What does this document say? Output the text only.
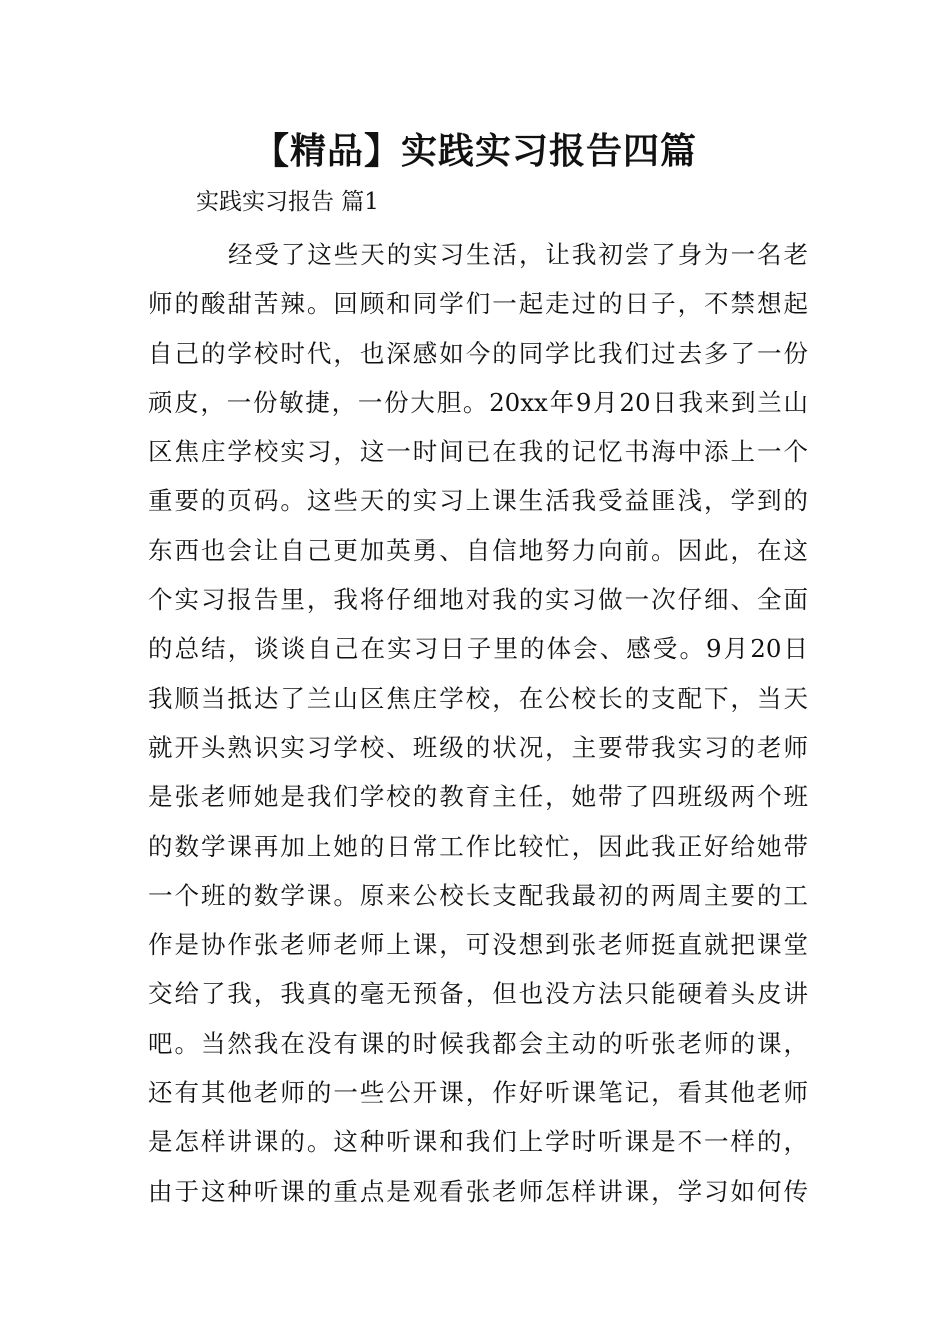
【精品】实践实习报告四篇

实践实习报告 篇1

经受了这些天的实习生活，让我初尝了身为一名老
师的酸甜苦辣。回顾和同学们一起走过的日子，不禁想起
自己的学校时代，也深感如今的同学比我们过去多了一份
顽皮，一份敏捷，一份大胆。20xx年9月20日我来到兰山
区焦庄学校实习，这一时间已在我的记忆书海中添上一个
重要的页码。这些天的实习上课生活我受益匪浅，学到的
东西也会让自己更加英勇、自信地努力向前。因此，在这
个实习报告里，我将仔细地对我的实习做一次仔细、全面
的总结，谈谈自己在实习日子里的体会、感受。9月20日
我顺当抵达了兰山区焦庄学校，在公校长的支配下，当天
就开头熟识实习学校、班级的状况，主要带我实习的老师
是张老师她是我们学校的教育主任，她带了四班级两个班
的数学课再加上她的日常工作比较忙，因此我正好给她带
一个班的数学课。原来公校长支配我最初的两周主要的工
作是协作张老师老师上课，可没想到张老师挺直就把课堂
交给了我，我真的毫无预备，但也没方法只能硬着头皮讲
吧。当然我在没有课的时候我都会主动的听张老师的课，
还有其他老师的一些公开课，作好听课笔记，看其他老师
是怎样讲课的。这种听课和我们上学时听课是不一样的，
由于这种听课的重点是观看张老师怎样讲课，学习如何传
